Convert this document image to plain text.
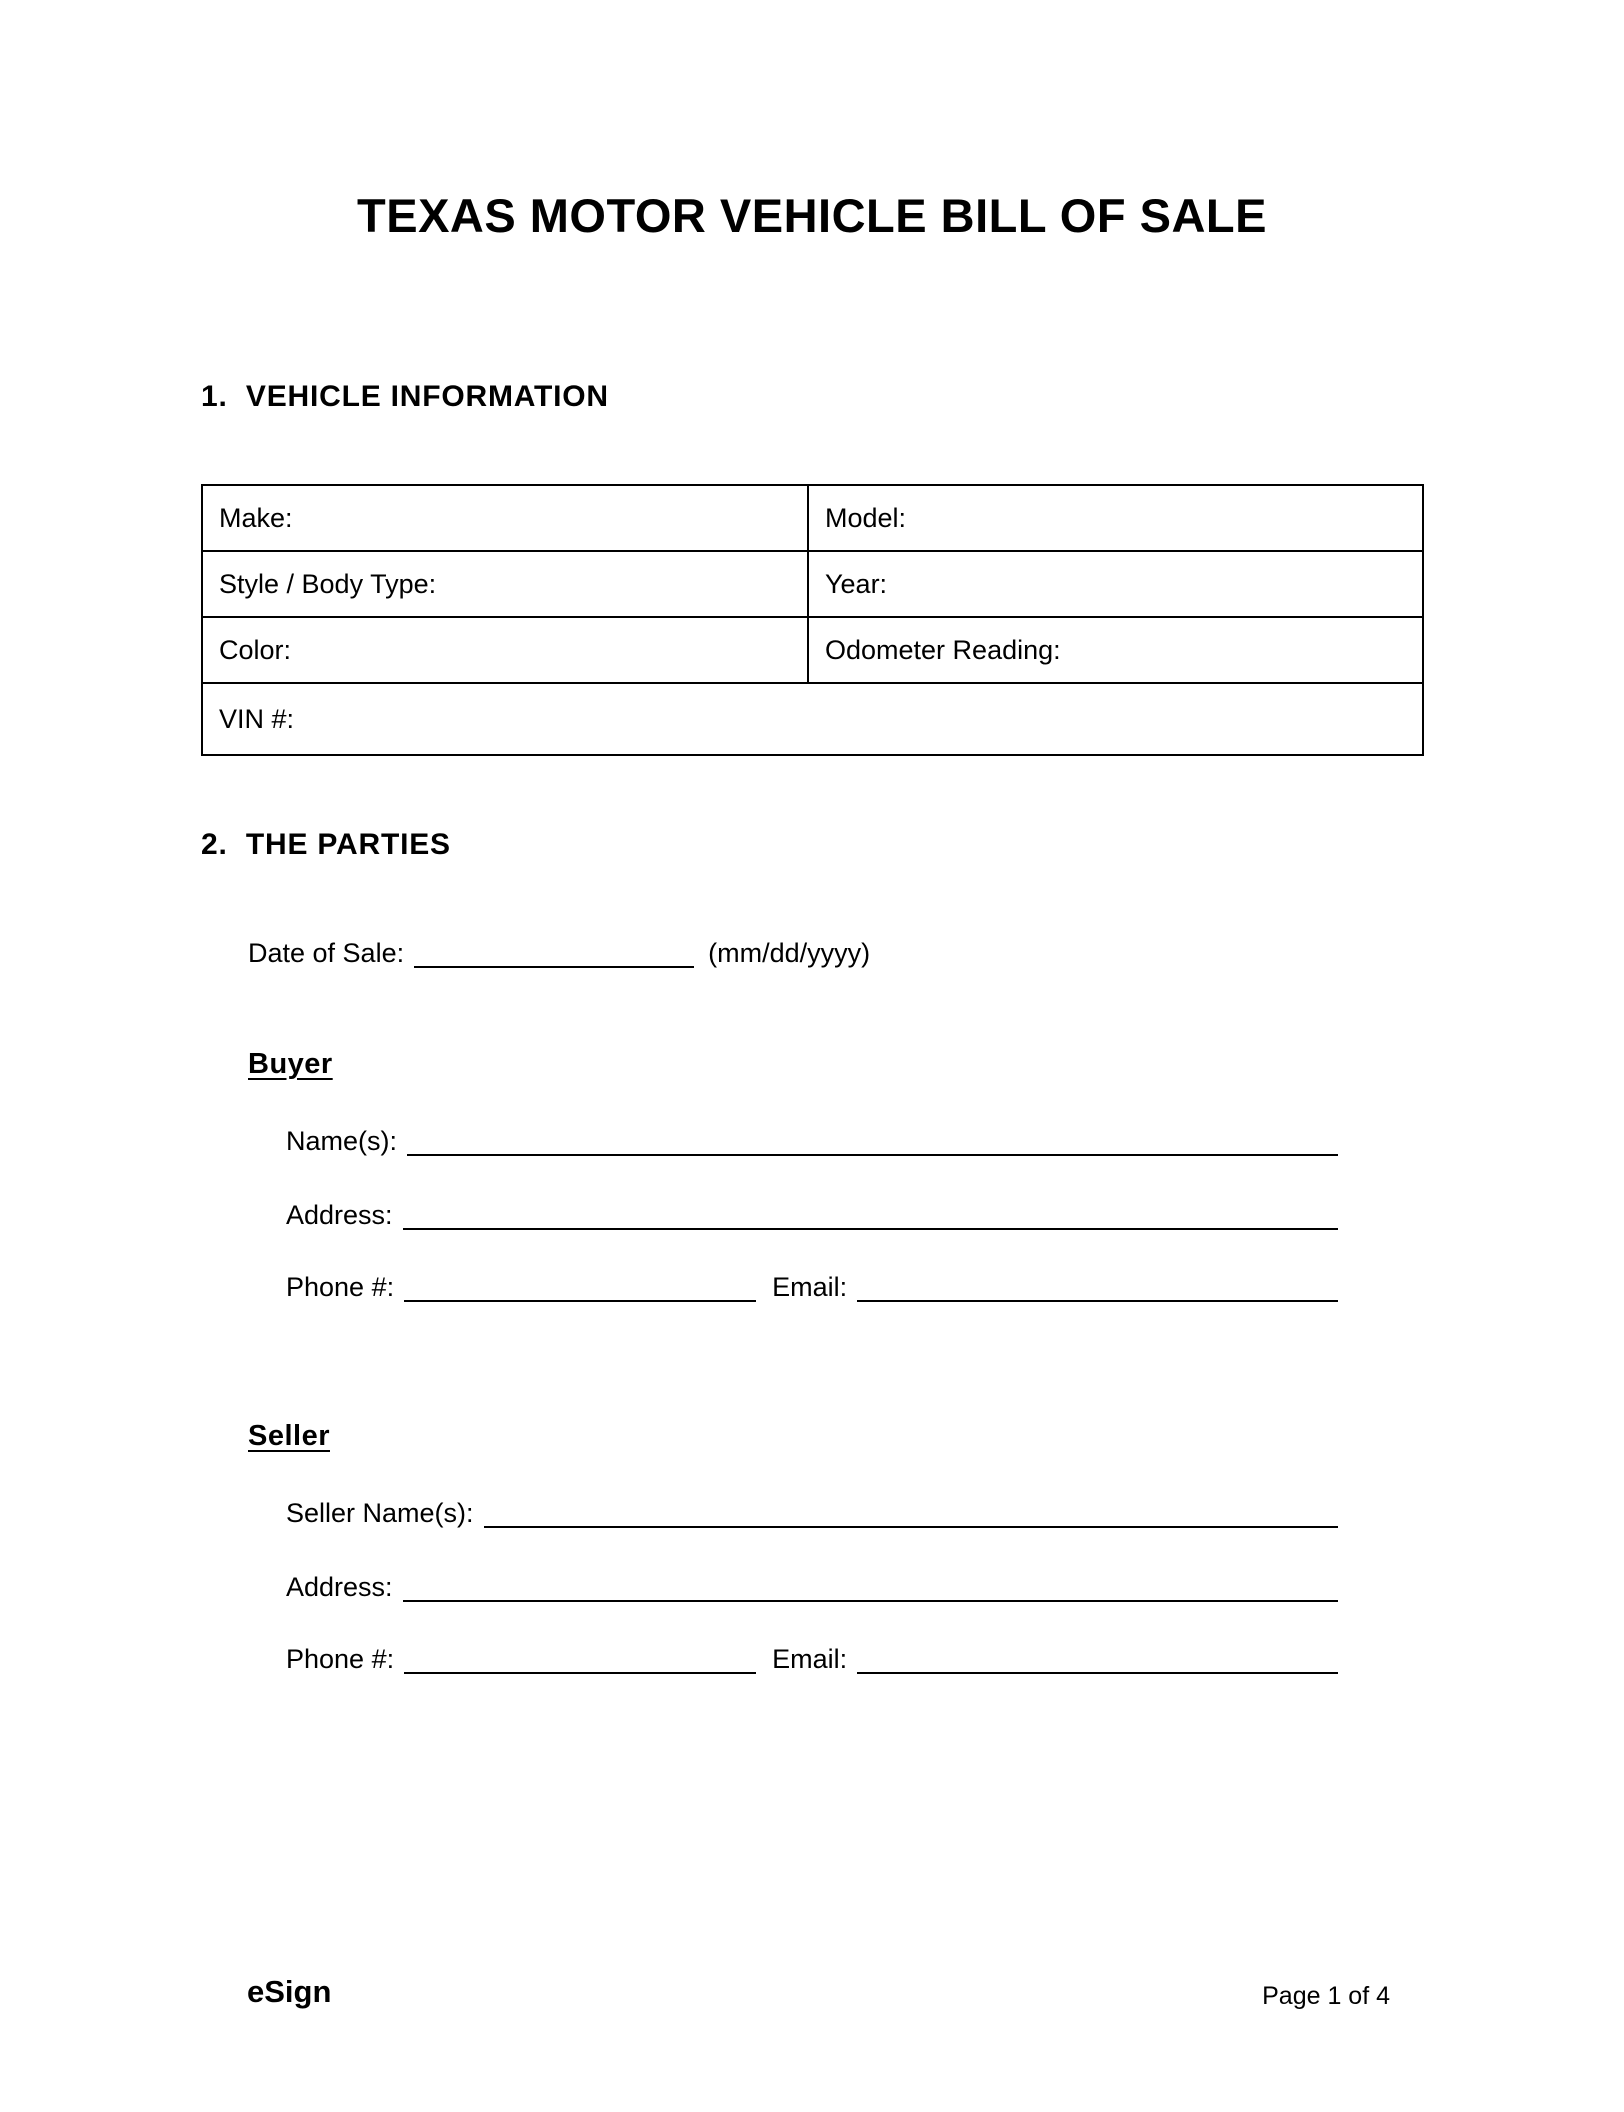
TEXAS MOTOR VEHICLE BILL OF SALE
1.  VEHICLE INFORMATION
Make:	Model:
Style / Body Type:	Year:
Color:	Odometer Reading:
VIN #:	
2.  THE PARTIES
Date of Sale:	(mm/dd/yyyy)
Buyer
Name(s):
Address:
Phone #:	Email:
Seller
Seller Name(s):
Address:
Phone #:	Email:
eSign	Page 1 of 4
